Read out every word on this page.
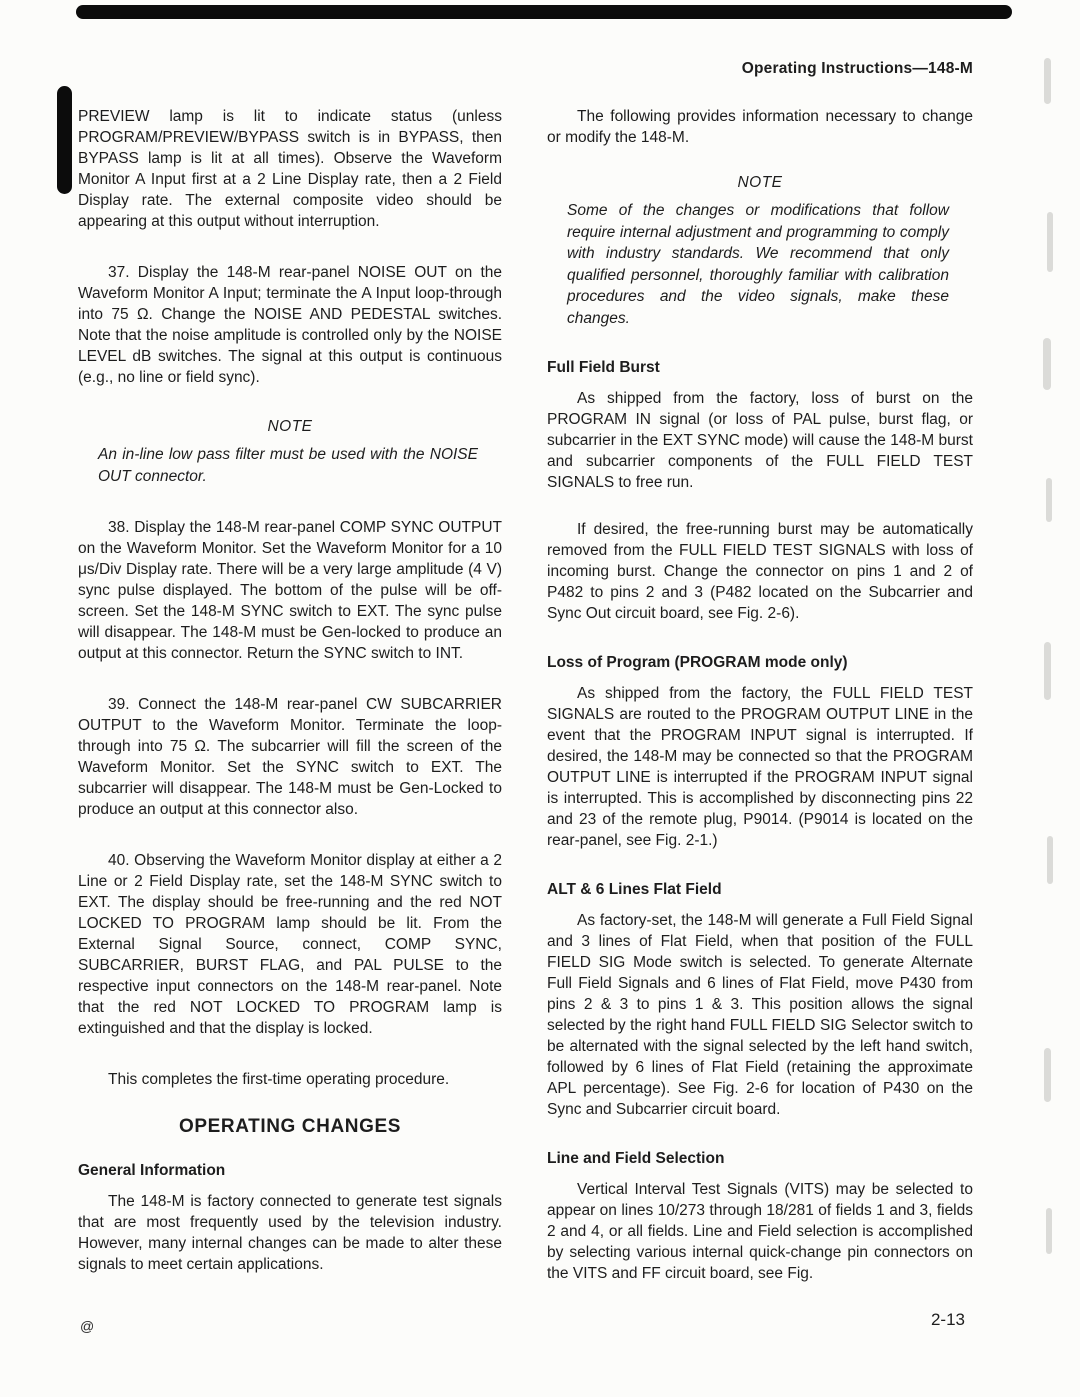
Operating Instructions—148-M

PREVIEW lamp is lit to indicate status (unless PROGRAM/PREVIEW/BYPASS switch is in BYPASS, then BYPASS lamp is lit at all times). Observe the Waveform Monitor A Input first at a 2 Line Display rate, then a 2 Field Display rate. The external composite video should be appearing at this output without interruption.

37. Display the 148-M rear-panel NOISE OUT on the Waveform Monitor A Input; terminate the A Input loop-through into 75 Ω. Change the NOISE AND PEDESTAL switches. Note that the noise amplitude is controlled only by the NOISE LEVEL dB switches. The signal at this output is continuous (e.g., no line or field sync).

NOTE

An in-line low pass filter must be used with the NOISE OUT connector.

38. Display the 148-M rear-panel COMP SYNC OUTPUT on the Waveform Monitor. Set the Waveform Monitor for a 10 μs/Div Display rate. There will be a very large amplitude (4 V) sync pulse displayed. The bottom of the pulse will be off-screen. Set the 148-M SYNC switch to EXT. The sync pulse will disappear. The 148-M must be Gen-locked to produce an output at this connector. Return the SYNC switch to INT.

39. Connect the 148-M rear-panel CW SUBCARRIER OUTPUT to the Waveform Monitor. Terminate the loop-through into 75 Ω. The subcarrier will fill the screen of the Waveform Monitor. Set the SYNC switch to EXT. The subcarrier will disappear. The 148-M must be Gen-Locked to produce an output at this connector also.

40. Observing the Waveform Monitor display at either a 2 Line or 2 Field Display rate, set the 148-M SYNC switch to EXT. The display should be free-running and the red NOT LOCKED TO PROGRAM lamp should be lit. From the External Signal Source, connect, COMP SYNC, SUBCARRIER, BURST FLAG, and PAL PULSE to the respective input connectors on the 148-M rear-panel. Note that the red NOT LOCKED TO PROGRAM lamp is extinguished and that the display is locked.

This completes the first-time operating procedure.

OPERATING CHANGES
General Information

The 148-M is factory connected to generate test signals that are most frequently used by the television industry. However, many internal changes can be made to alter these signals to meet certain applications.

The following provides information necessary to change or modify the 148-M.

NOTE

Some of the changes or modifications that follow require internal adjustment and programming to comply with industry standards. We recommend that only qualified personnel, thoroughly familiar with calibration procedures and the video signals, make these changes.

Full Field Burst

As shipped from the factory, loss of burst on the PROGRAM IN signal (or loss of PAL pulse, burst flag, or subcarrier in the EXT SYNC mode) will cause the 148-M burst and subcarrier components of the FULL FIELD TEST SIGNALS to free run.

If desired, the free-running burst may be automatically removed from the FULL FIELD TEST SIGNALS with loss of incoming burst. Change the connector on pins 1 and 2 of P482 to pins 2 and 3 (P482 located on the Subcarrier and Sync Out circuit board, see Fig. 2-6).

Loss of Program (PROGRAM mode only)

As shipped from the factory, the FULL FIELD TEST SIGNALS are routed to the PROGRAM OUTPUT LINE in the event that the PROGRAM INPUT signal is interrupted. If desired, the 148-M may be connected so that the PROGRAM OUTPUT LINE is interrupted if the PROGRAM INPUT signal is interrupted. This is accomplished by disconnecting pins 22 and 23 of the remote plug, P9014. (P9014 is located on the rear-panel, see Fig. 2-1.)

ALT & 6 Lines Flat Field

As factory-set, the 148-M will generate a Full Field Signal and 3 lines of Flat Field, when that position of the FULL FIELD SIG Mode switch is selected. To generate Alternate Full Field Signals and 6 lines of Flat Field, move P430 from pins 2 & 3 to pins 1 & 3. This position allows the signal selected by the right hand FULL FIELD SIG Selector switch to be alternated with the signal selected by the left hand switch, followed by 6 lines of Flat Field (retaining the approximate APL percentage). See Fig. 2-6 for location of P430 on the Sync and Subcarrier circuit board.

Line and Field Selection

Vertical Interval Test Signals (VITS) may be selected to appear on lines 10/273 through 18/281 of fields 1 and 3, fields 2 and 4, or all fields. Line and Field selection is accomplished by selecting various internal quick-change pin connectors on the VITS and FF circuit board, see Fig.

@	2-13
